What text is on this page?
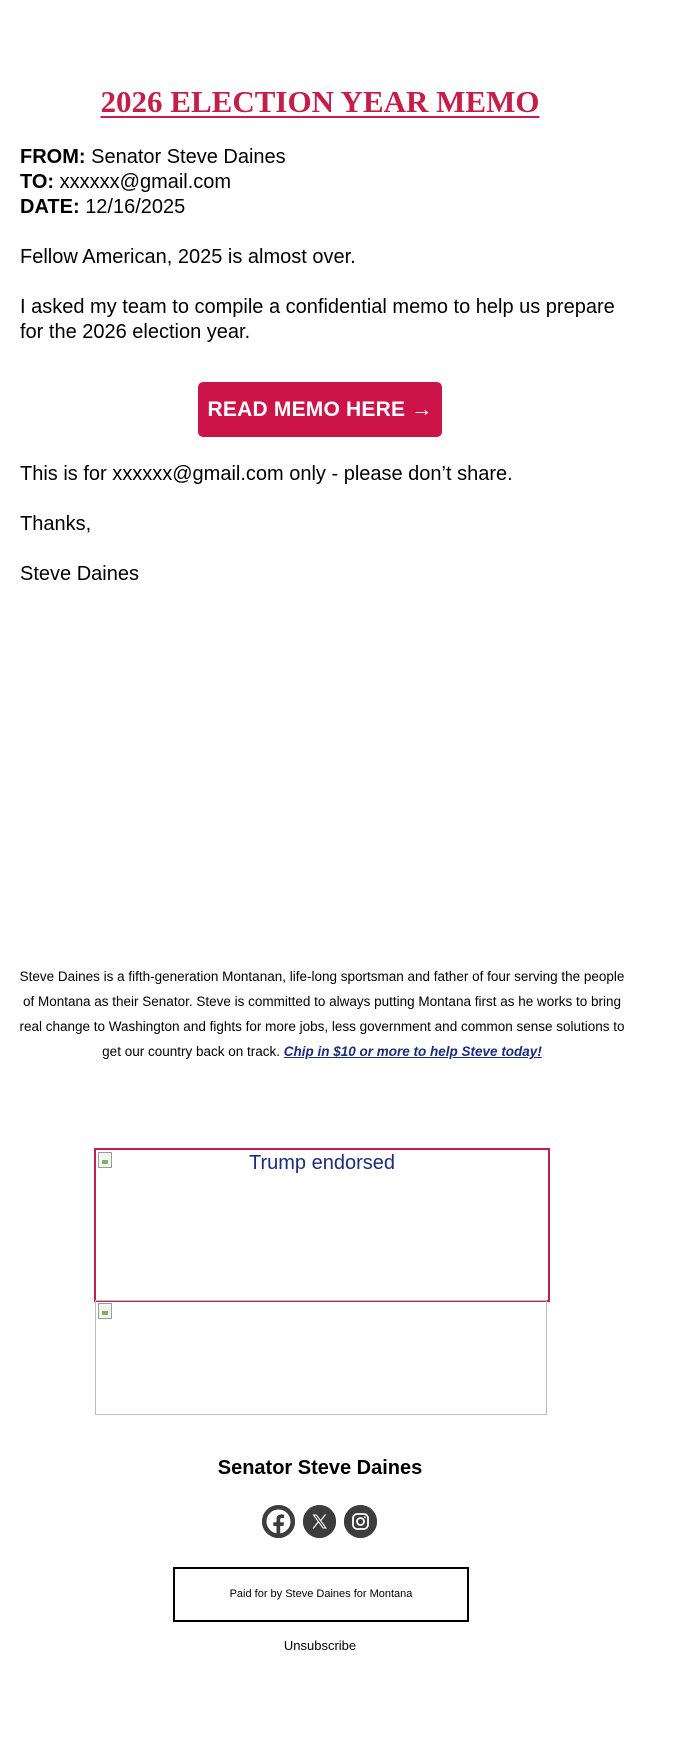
2026 ELECTION YEAR MEMO

FROM: Senator Steve Daines
TO: xxxxxx@gmail.com
DATE: 12/16/2025

Fellow American, 2025 is almost over.

I asked my team to compile a confidential memo to help us prepare for the 2026 election year.

READ MEMO HERE →

This is for xxxxxx@gmail.com only - please don’t share.

Thanks,

Steve Daines

Steve Daines is a fifth-generation Montanan, life-long sportsman and father of four serving the people of Montana as their Senator. Steve is committed to always putting Montana first as he works to bring real change to Washington and fights for more jobs, less government and common sense solutions to get our country back on track. Chip in $10 or more to help Steve today!
Trump endorsed
Senator Steve Daines
Paid for by Steve Daines for Montana
Unsubscribe
